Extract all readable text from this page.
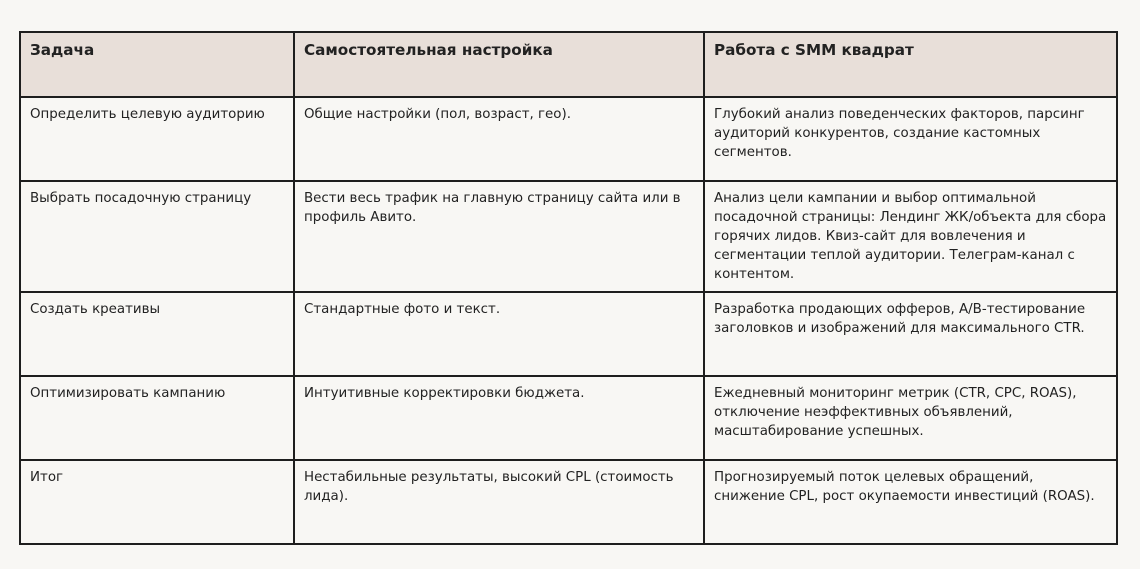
Задача	Самостоятельная настройка	Работа с SMM квадрат
Определить целевую аудиторию	Общие настройки (пол, возраст, гео).	Глубокий анализ поведенческих факторов, парсинг аудиторий конкурентов, создание кастомных сегментов.
Выбрать посадочную страницу	Вести весь трафик на главную страницу сайта или в профиль Авито.	Анализ цели кампании и выбор оптимальной посадочной страницы: Лендинг ЖК/объекта для сбора горячих лидов. Квиз-сайт для вовлечения и сегментации теплой аудитории. Телеграм-канал с контентом.
Создать креативы	Стандартные фото и текст.	Разработка продающих офферов, A/B-тестирование заголовков и изображений для максимального CTR.
Оптимизировать кампанию	Интуитивные корректировки бюджета.	Ежедневный мониторинг метрик (CTR, CPC, ROAS), отключение неэффективных объявлений, масштабирование успешных.
Итог	Нестабильные результаты, высокий CPL (стоимость лида).	Прогнозируемый поток целевых обращений, снижение CPL, рост окупаемости инвестиций (ROAS).
